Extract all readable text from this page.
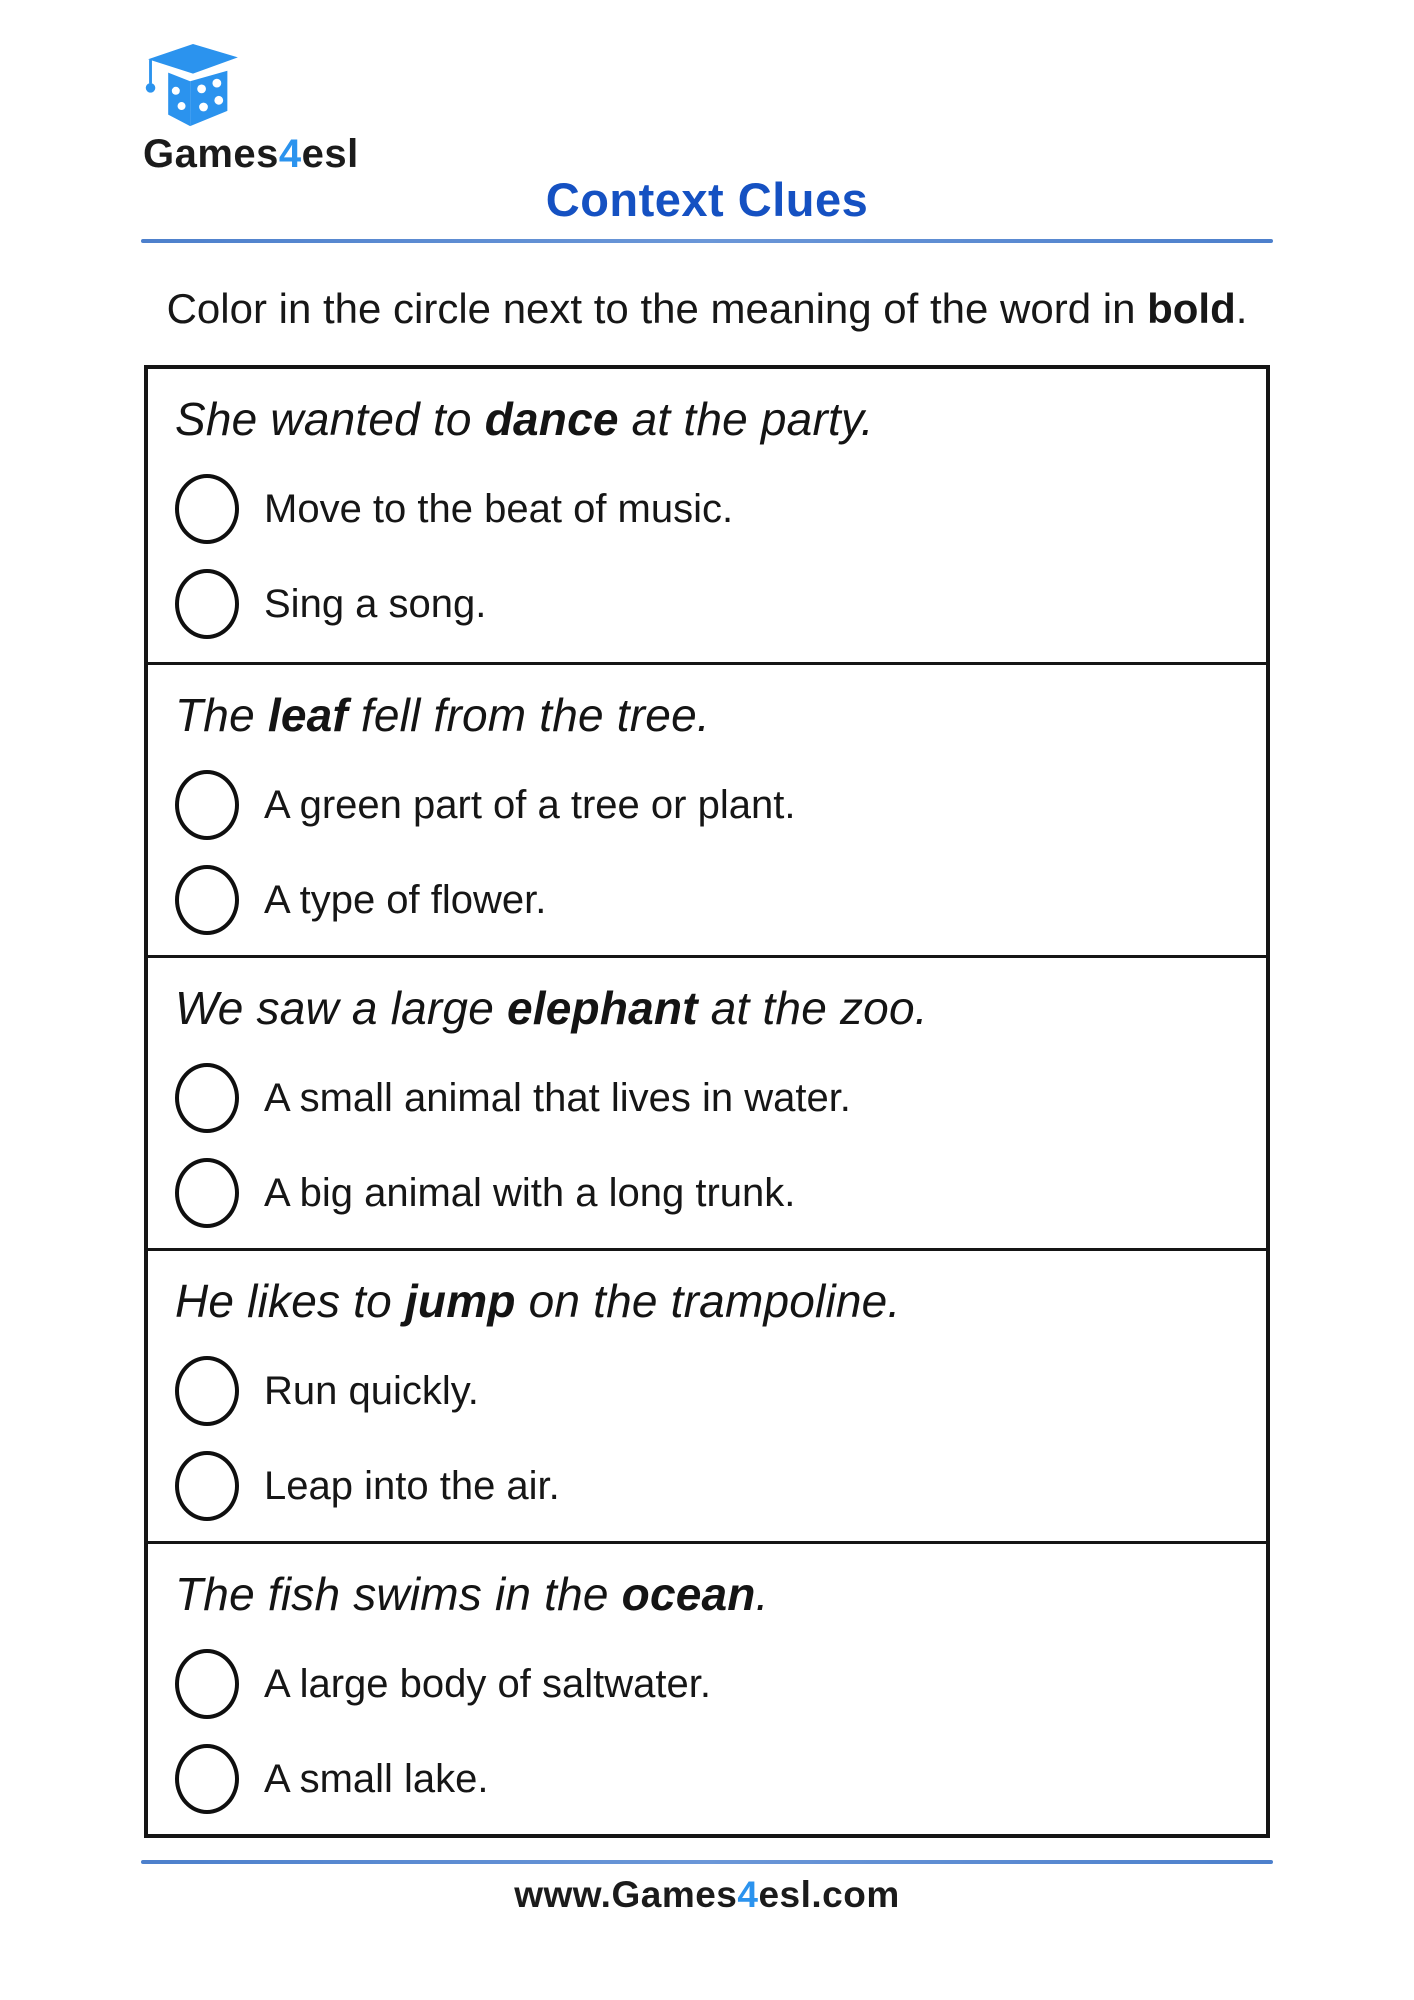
Games4esl
Context Clues

Color in the circle next to the meaning of the word in bold.

She wanted to dance at the party.

Move to the beat of music.
Sing a song.

The leaf fell from the tree.

A green part of a tree or plant.
A type of flower.

We saw a large elephant at the zoo.

A small animal that lives in water.
A big animal with a long trunk.

He likes to jump on the trampoline.

Run quickly.
Leap into the air.

The fish swims in the ocean.

A large body of saltwater.
A small lake.

www.Games4esl.com
